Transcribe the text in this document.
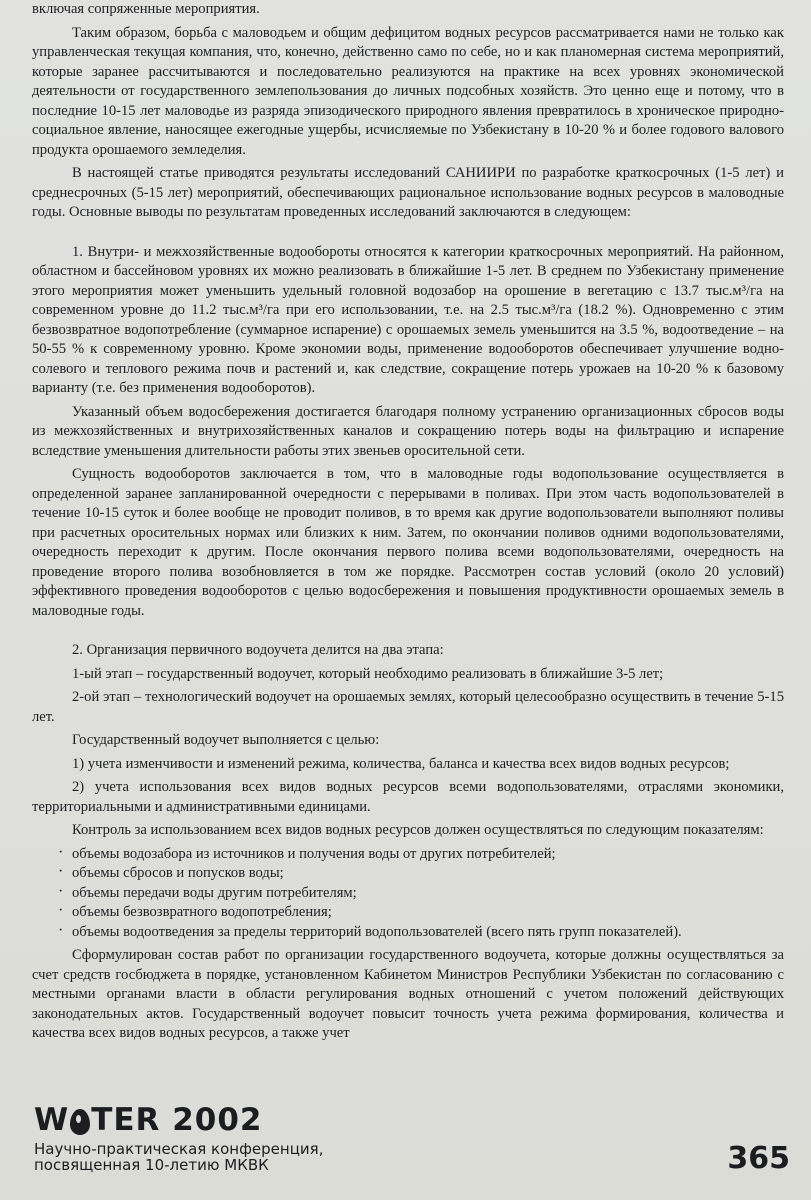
включая сопряженные мероприятия.

Таким образом, борьба с маловодьем и общим дефицитом водных ресурсов рассматривается нами не только как управленческая текущая компания, что, конечно, действенно само по себе, но и как планомерная система мероприятий, которые заранее рассчитываются и последовательно реализуются на практике на всех уровнях экономической деятельности от государственного землепользования до личных подсобных хозяйств. Это ценно еще и потому, что в последние 10-15 лет маловодье из разряда эпизодического природного явления превратилось в хроническое природно-социальное явление, наносящее ежегодные ущербы, исчисляемые по Узбекистану в 10-20 % и более годового валового продукта орошаемого земледелия.

В настоящей статье приводятся результаты исследований САНИИРИ по разработке краткосрочных (1-5 лет) и среднесрочных (5-15 лет) мероприятий, обеспечивающих рациональное использование водных ресурсов в маловодные годы. Основные выводы по результатам проведенных исследований заключаются в следующем:

1. Внутри- и межхозяйственные водообороты относятся к категории краткосрочных мероприятий. На районном, областном и бассейновом уровнях их можно реализовать в ближайшие 1-5 лет. В среднем по Узбекистану применение этого мероприятия может уменьшить удельный головной водозабор на орошение в вегетацию с 13.7 тыс.м³/га на современном уровне до 11.2 тыс.м³/га при его использовании, т.е. на 2.5 тыс.м³/га (18.2 %). Одновременно с этим безвозвратное водопотребление (суммарное испарение) с орошаемых земель уменьшится на 3.5 %, водоотведение – на 50-55 % к современному уровню. Кроме экономии воды, применение водооборотов обеспечивает улучшение водно-солевого и теплового режима почв и растений и, как следствие, сокращение потерь урожаев на 10-20 % к базовому варианту (т.е. без применения водооборотов).

Указанный объем водосбережения достигается благодаря полному устранению организационных сбросов воды из межхозяйственных и внутрихозяйственных каналов и сокращению потерь воды на фильтрацию и испарение вследствие уменьшения длительности работы этих звеньев оросительной сети.

Сущность водооборотов заключается в том, что в маловодные годы водопользование осуществляется в определенной заранее запланированной очередности с перерывами в поливах. При этом часть водопользователей в течение 10-15 суток и более вообще не проводит поливов, в то время как другие водопользователи выполняют поливы при расчетных оросительных нормах или близких к ним. Затем, по окончании поливов одними водопользователями, очередность переходит к другим. После окончания первого полива всеми водопользователями, очередность на проведение второго полива возобновляется в том же порядке. Рассмотрен состав условий (около 20 условий) эффективного проведения водооборотов с целью водосбережения и повышения продуктивности орошаемых земель в маловодные годы.

2. Организация первичного водоучета делится на два этапа:

1-ый этап – государственный водоучет, который необходимо реализовать в ближайшие 3-5 лет;

2-ой этап – технологический водоучет на орошаемых землях, который целесообразно осуществить в течение 5-15 лет.

Государственный водоучет выполняется с целью:

1) учета изменчивости и изменений режима, количества, баланса и качества всех видов водных ресурсов;

2) учета использования всех видов водных ресурсов всеми водопользователями, отраслями экономики, территориальными и административными единицами.

Контроль за использованием всех видов водных ресурсов должен осуществляться по следующим показателям:

· объемы водозабора из источников и получения воды от других потребителей;
· объемы сбросов и попусков воды;
· объемы передачи воды другим потребителям;
· объемы безвозвратного водопотребления;
· объемы водоотведения за пределы территорий водопользователей (всего пять групп показателей).

Сформулирован состав работ по организации государственного водоучета, которые должны осуществляться за счет средств госбюджета в порядке, установленном Кабинетом Министров Республики Узбекистан по согласованию с местными органами власти в области регулирования водных отношений с учетом положений действующих законодательных актов. Государственный водоучет повысит точность учета режима формирования, количества и качества всех видов водных ресурсов, а также учет

W TER 2002
Научно-практическая конференция,
посвященная 10-летию МКВК	365
